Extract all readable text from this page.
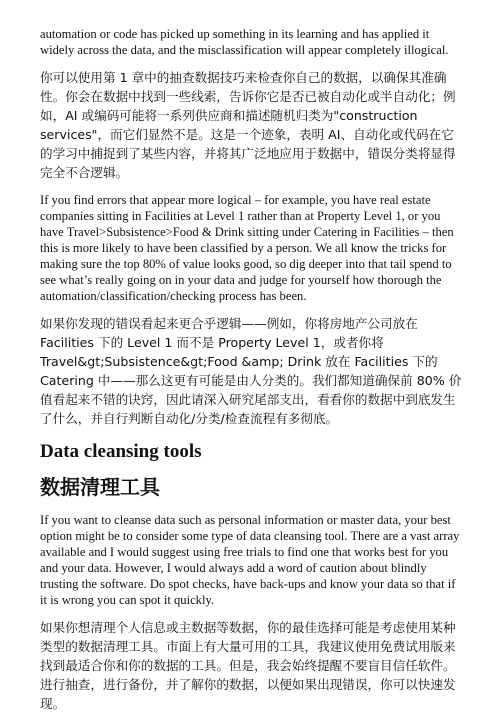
automation or code has picked up something in its learning and has applied it widely across the data, and the misclassification will appear completely illogical.

你可以使用第 1 章中的抽查数据技巧来检查你自己的数据，以确保其准确性。你会在数据中找到一些线索，告诉你它是否已被自动化或半自动化；例如，AI 或编码可能将一系列供应商和描述随机归类为"construction services"，而它们显然不是。这是一个迹象，表明 AI、自动化或代码在它的学习中捕捉到了某些内容，并将其广泛地应用于数据中，错误分类将显得完全不合逻辑。

If you find errors that appear more logical – for example, you have real estate companies sitting in Facilities at Level 1 rather than at Property Level 1, or you have Travel>Subsistence>Food & Drink sitting under Catering in Facilities – then this is more likely to have been classified by a person. We all know the tricks for making sure the top 80% of value looks good, so dig deeper into that tail spend to see what’s really going on in your data and judge for yourself how thorough the automation/classification/checking process has been.

如果你发现的错误看起来更合乎逻辑——例如，你将房地产公司放在 Facilities 下的 Level 1 而不是 Property Level 1，或者你将 Travel&gt;Subsistence&gt;Food &amp; Drink 放在 Facilities 下的 Catering 中——那么这更有可能是由人分类的。我们都知道确保前 80% 价值看起来不错的诀窍，因此请深入研究尾部支出，看看你的数据中到底发生了什么，并自行判断自动化/分类/检查流程有多彻底。

Data cleansing tools
数据清理工具

If you want to cleanse data such as personal information or master data, your best option might be to consider some type of data cleansing tool. There are a vast array available and I would suggest using free trials to find one that works best for you and your data. However, I would always add a word of caution about blindly trusting the software. Do spot checks, have back-ups and know your data so that if it is wrong you can spot it quickly.

如果你想清理个人信息或主数据等数据，你的最佳选择可能是考虑使用某种类型的数据清理工具。市面上有大量可用的工具，我建议使用免费试用版来找到最适合你和你的数据的工具。但是，我会始终提醒不要盲目信任软件。进行抽查，进行备份，并了解你的数据，以便如果出现错误，你可以快速发现。
